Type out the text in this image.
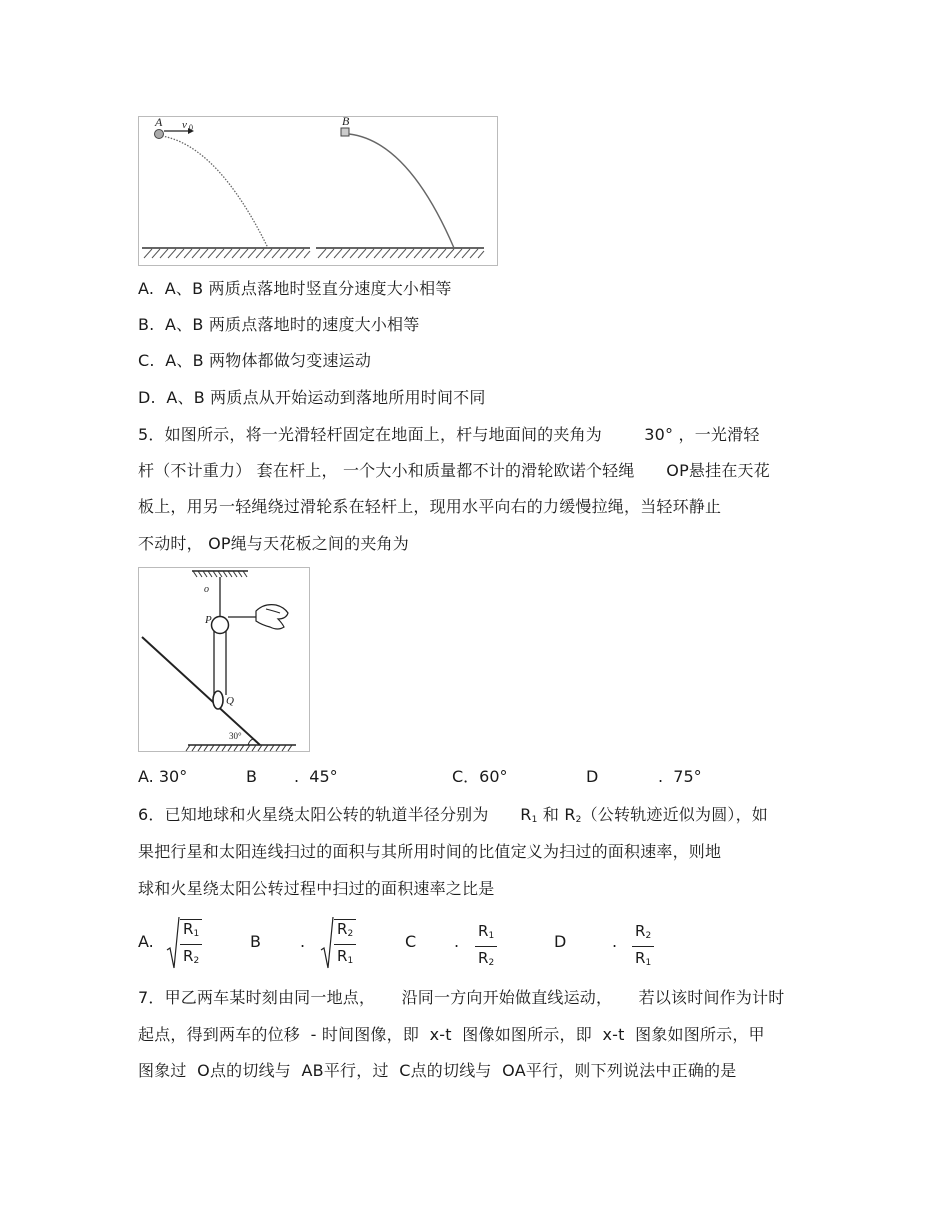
A v 0	B
A.  A、B 两质点落地时竖直分速度大小相等
B.  A、B 两质点落地时的速度大小相等
C.  A、B 两物体都做匀变速运动
D.  A、B 两质点从开始运动到落地所用时间不同
5．如图所示，将一光滑轻杆固定在地面上，杆与地面间的夹角为        30° ，一光滑轻
杆（不计重力） 套在杆上， 一个大小和质量都不计的滑轮欧诺个轻绳      OP悬挂在天花
板上，用另一轻绳绕过滑轮系在轻杆上，现用水平向右的力缓慢拉绳，当轻环静止
不动时， OP绳与天花板之间的夹角为
o
P
Q
30°
A. 30°	B .  45°	C．60°	D	.  75°
6．已知地球和火星绕太阳公转的轨道半径分别为      $R_1$ 和 $R_2$（公转轨迹近似为圆），如
果把行星和太阳连线扫过的面积与其所用时间的比值定义为扫过的面积速率，则地
球和火星绕太阳公转过程中扫过的面积速率之比是
A. $\frac{R_1}{R_2}$	B . $\frac{R_2}{R_1}$	C . $\frac{R_1}{R_2}$	D	. $\frac{R_2}{R_1}$
7．甲乙两车某时刻由同一地点，     沿同一方向开始做直线运动，     若以该时间作为计时
起点，得到两车的位移  - 时间图像，即  x-t  图像如图所示，即  x-t  图象如图所示，甲
图象过  O点的切线与  AB平行，过  C点的切线与  OA平行，则下列说法中正确的是
